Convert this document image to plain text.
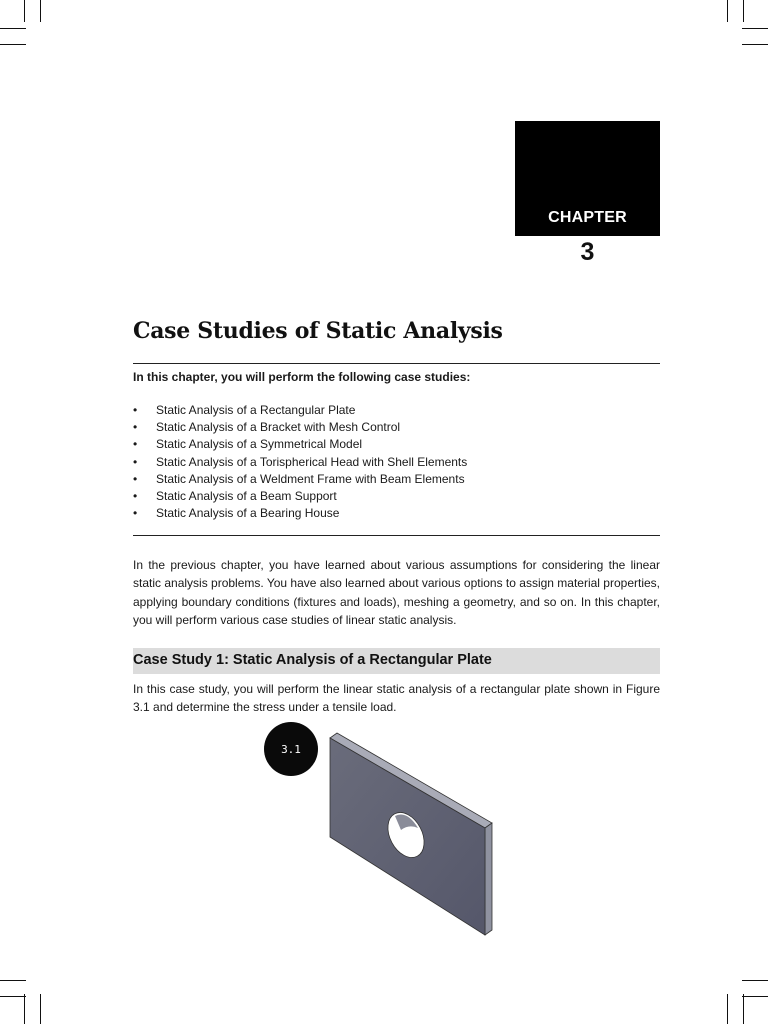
CHAPTER
3
Case Studies of Static Analysis
In this chapter, you will perform the following case studies:
• Static Analysis of a Rectangular Plate
• Static Analysis of a Bracket with Mesh Control
• Static Analysis of a Symmetrical Model
• Static Analysis of a Torispherical Head with Shell Elements
• Static Analysis of a Weldment Frame with Beam Elements
• Static Analysis of a Beam Support
• Static Analysis of a Bearing House

In the previous chapter, you have learned about various assumptions for considering the linear static analysis problems. You have also learned about various options to assign material properties, applying boundary conditions (fixtures and loads), meshing a geometry, and so on. In this chapter, you will perform various case studies of linear static analysis.

Case Study 1: Static Analysis of a Rectangular Plate

In this case study, you will perform the linear static analysis of a rectangular plate shown in Figure 3.1 and determine the stress under a tensile load.

3.1
